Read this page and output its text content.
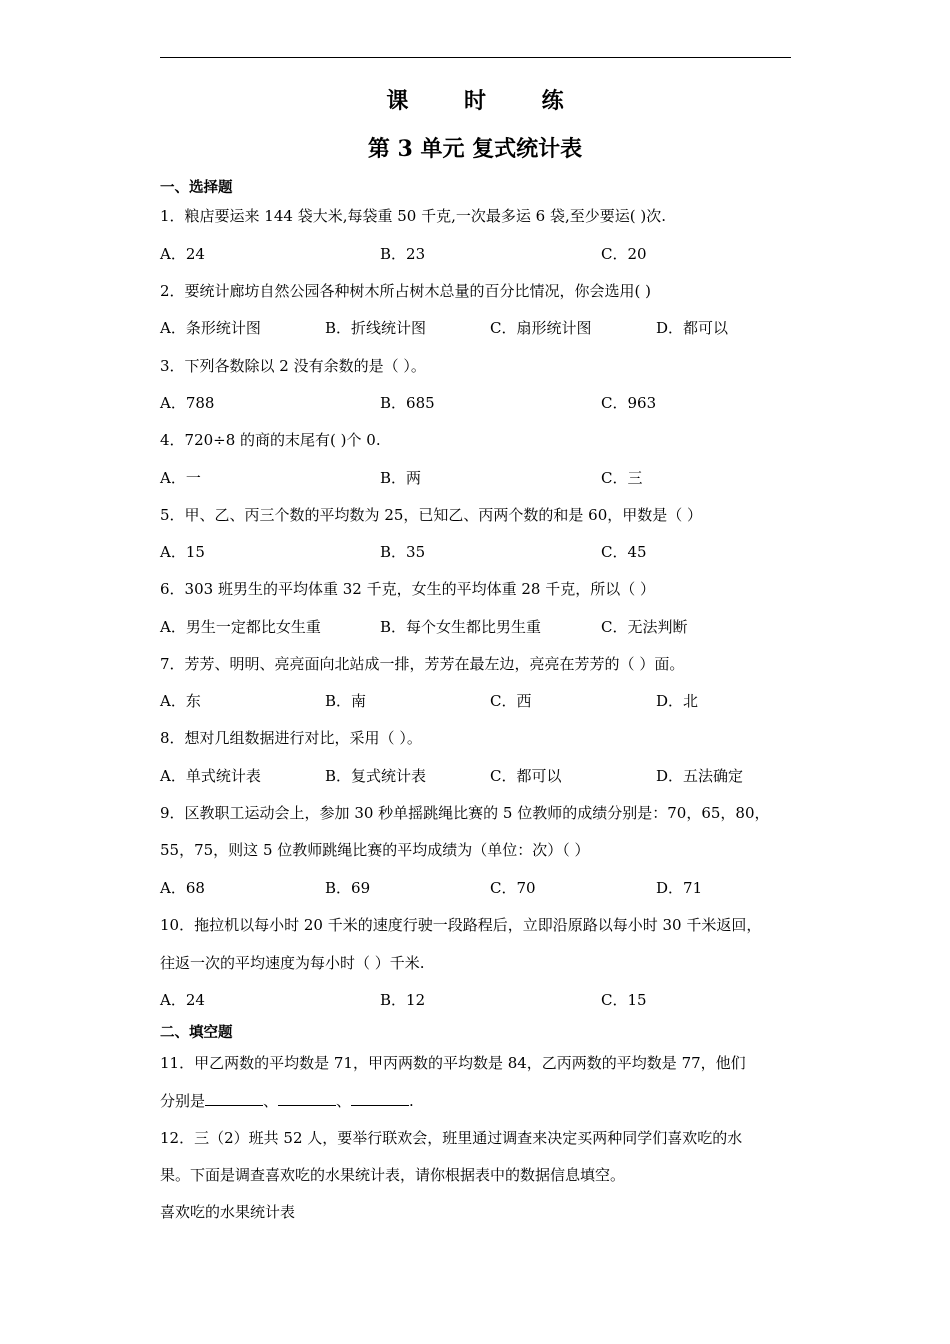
课 时 练
第 3 单元 复式统计表
一、选择题
1．粮店要运来 144 袋大米,每袋重 50 千克,一次最多运 6 袋,至少要运( )次.
A．24	B．23	C．20
2．要统计廊坊自然公园各种树木所占树木总量的百分比情况，你会选用( )
A．条形统计图	B．折线统计图	C．扇形统计图	D．都可以
3．下列各数除以 2 没有余数的是（ ）。
A．788	B．685	C．963
4．720÷8 的商的末尾有( )个 0.
A．一	B．两	C．三
5．甲、乙、丙三个数的平均数为 25，已知乙、丙两个数的和是 60，甲数是（ ）
A．15	B．35	C．45
6．303 班男生的平均体重 32 千克，女生的平均体重 28 千克，所以（ ）
A．男生一定都比女生重	B．每个女生都比男生重	C．无法判断
7．芳芳、明明、亮亮面向北站成一排，芳芳在最左边，亮亮在芳芳的（ ）面。
A．东	B．南	C．西	D．北
8．想对几组数据进行对比，采用（ ）。
A．单式统计表	B．复式统计表	C．都可以	D．五法确定
9．区教职工运动会上，参加 30 秒单摇跳绳比赛的 5 位教师的成绩分别是：70，65，80，
55，75，则这 5 位教师跳绳比赛的平均成绩为（单位：次）（ ）
A．68	B．69	C．70	D．71
10．拖拉机以每小时 20 千米的速度行驶一段路程后，立即沿原路以每小时 30 千米返回，
往返一次的平均速度为每小时（ ）千米.
A．24	B．12	C．15
二、填空题
11．甲乙两数的平均数是 71，甲丙两数的平均数是 84，乙丙两数的平均数是 77，他们
分别是	、	、	.
12．三（2）班共 52 人，要举行联欢会，班里通过调查来决定买两种同学们喜欢吃的水
果。下面是调查喜欢吃的水果统计表，请你根据表中的数据信息填空。
喜欢吃的水果统计表
